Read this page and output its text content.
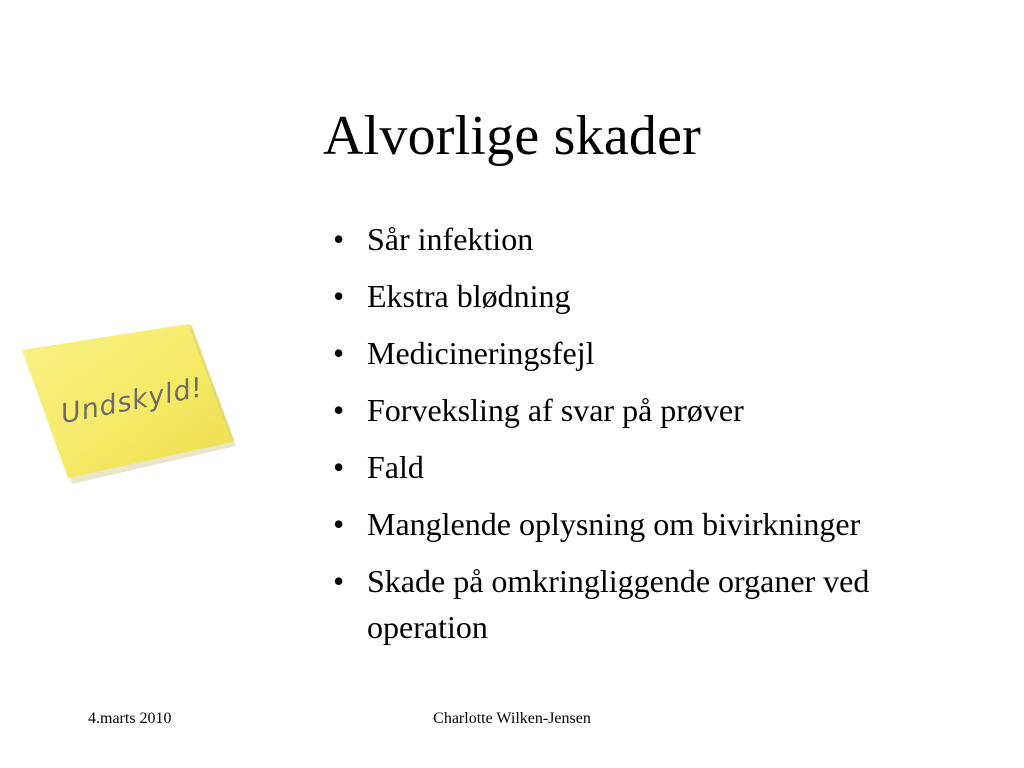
Alvorlige skader
• Sår infektion
• Ekstra blødning
• Medicineringsfejl
• Forveksling af svar på prøver
• Fald
• Manglende oplysning om bivirkninger
• Skade på omkringliggende organer ved operation
Undskyld!
4.marts 2010	Charlotte Wilken-Jensen
